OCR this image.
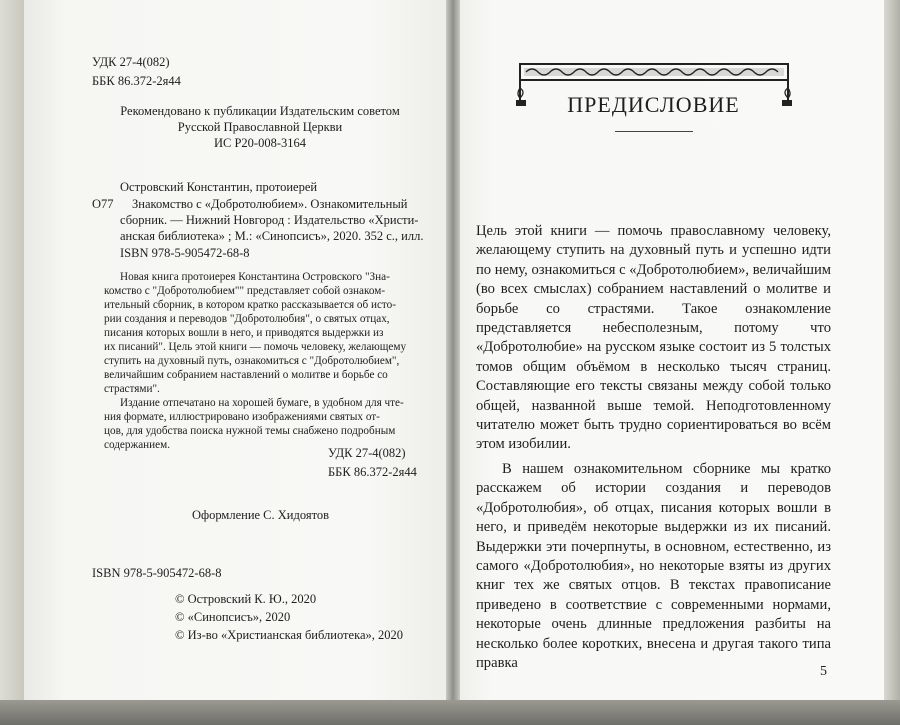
УДК 27-4(082)
ББК 86.372-2я44
Рекомендовано к публикации Издательским советом
Русской Православной Церкви
ИС Р20-008-3164
Островский Константин, протоиерей
О77 Знакомство с «Добротолюбием». Ознакомительный
сборник. — Нижний Новгород : Издательство «Христи-
анская библиотека» ; М.: «Синопсисъ», 2020. 352 с., илл.
ISBN 978-5-905472-68-8
Новая книга протоиерея Константина Островского "Зна-
комство с "Добротолюбием"" представляет собой ознаком-
ительный сборник, в котором кратко рассказывается об исто-
рии создания и переводов "Добротолюбия", о святых отцах,
писания которых вошли в него, и приводятся выдержки из
их писаний". Цель этой книги — помочь человеку, желающему
ступить на духовный путь, ознакомиться с "Добротолюбием",
величайшим собранием наставлений о молитве и борьбе со
страстями".
Издание отпечатано на хорошей бумаге, в удобном для чте-
ния формате, иллюстрировано изображениями святых от-
цов, для удобства поиска нужной темы снабжено подробным
содержанием.
УДК 27-4(082)
ББК 86.372-2я44
Оформление С. Хидоятов
ISBN 978-5-905472-68-8
© Островский К. Ю., 2020
© «Синопсисъ», 2020
© Из-во «Христианская библиотека», 2020
ПРЕДИСЛОВИЕ

Цель этой книги — помочь православному человеку, желающему ступить на духовный путь и успешно идти по нему, ознакомиться с «Добротолюбием», величайшим (во всех смыслах) собранием наставлений о молитве и борьбе со страстями. Такое ознакомление представляется небесполезным, потому что «Добротолюбие» на русском языке состоит из 5 толстых томов общим объёмом в несколько тысяч страниц. Составляющие его тексты связаны между собой только общей, названной выше темой. Неподготовленному читателю может быть трудно сориентироваться во всём этом изобилии.

В нашем ознакомительном сборнике мы кратко расскажем об истории создания и переводов «Добротолюбия», об отцах, писания которых вошли в него, и приведём некоторые выдержки из их писаний. Выдержки эти почерпнуты, в основном, естественно, из самого «Добротолюбия», но некоторые взяты из других книг тех же святых отцов. В текстах правописание приведено в соответствие с современными нормами, некоторые очень длинные предложения разбиты на несколько более коротких, внесена и другая такого типа правка

5
